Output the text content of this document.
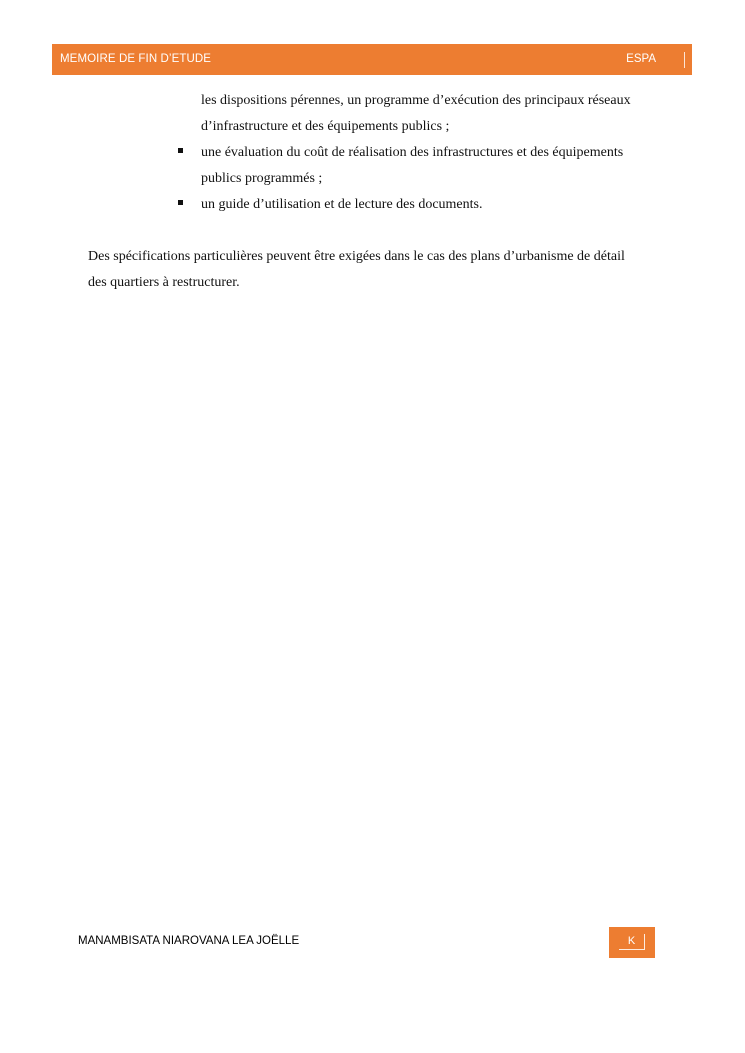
MEMOIRE DE FIN D’ETUDE	ESPA
les dispositions pérennes, un programme d’exécution des principaux réseaux
d’infrastructure et des équipements publics ;
une évaluation du coût de réalisation des infrastructures et des équipements
publics programmés ;
un guide d’utilisation et de lecture des documents.
Des spécifications particulières peuvent être exigées dans le cas des plans d’urbanisme de détail
des quartiers à restructurer.
MANAMBISATA NIAROVANA LEA JOËLLE	K
